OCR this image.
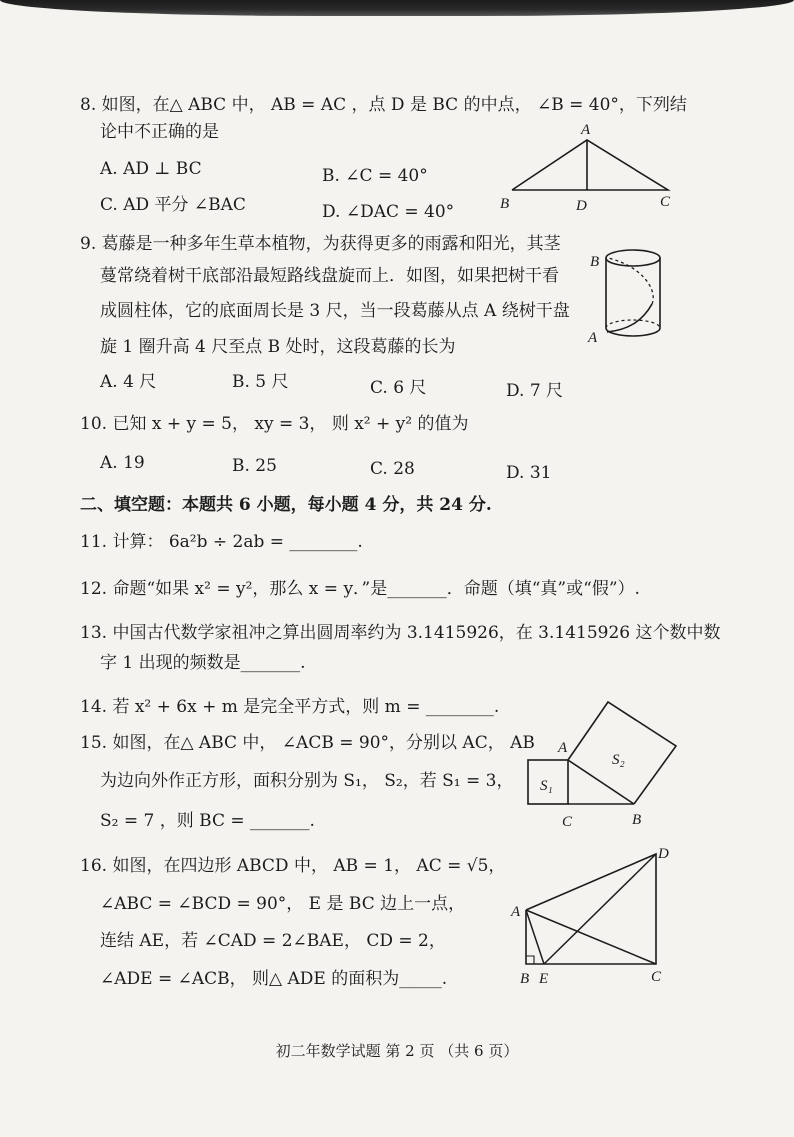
8. 如图，在△ ABC 中， AB = AC ，点 D 是 BC 的中点， ∠B = 40°，下列结
论中不正确的是
A. AD ⊥ BC	B. ∠C = 40°
C. AD 平分 ∠BAC	D. ∠DAC = 40°
A
B	D	C
9. 葛藤是一种多年生草本植物，为获得更多的雨露和阳光，其茎
蔓常绕着树干底部沿最短路线盘旋而上．如图，如果把树干看
成圆柱体，它的底面周长是 3 尺，当一段葛藤从点 A 绕树干盘
旋 1 圈升高 4 尺至点 B 处时，这段葛藤的长为
A. 4 尺	B. 5 尺	C. 6 尺	D. 7 尺
B
A
10. 已知 x + y = 5， xy = 3， 则 x² + y² 的值为
A. 19	B. 25	C. 28	D. 31
二、填空题：本题共 6 小题，每小题 4 分，共 24 分.
11. 计算： 6a²b ÷ 2ab = ________.
12. 命题“如果 x² = y²，那么 x = y．”是_______．命题（填“真”或“假”）.
13. 中国古代数学家祖冲之算出圆周率约为 3.1415926，在 3.1415926 这个数中数
字 1 出现的频数是_______.
14. 若 x² + 6x + m 是完全平方式，则 m = ________.
15. 如图，在△ ABC 中， ∠ACB = 90°，分别以 AC， AB
为边向外作正方形，面积分别为 S₁， S₂，若 S₁ = 3，
S₂ = 7 ，则 BC = _______.
A
S₁
S₂
C	B
16. 如图，在四边形 ABCD 中， AB = 1， AC = √5，
∠ABC = ∠BCD = 90°， E 是 BC 边上一点，
连结 AE，若 ∠CAD = 2∠BAE， CD = 2，
∠ADE = ∠ACB， 则△ ADE 的面积为_____.
A
B E	C
D
初二年数学试题 第 2 页 （共 6 页）
